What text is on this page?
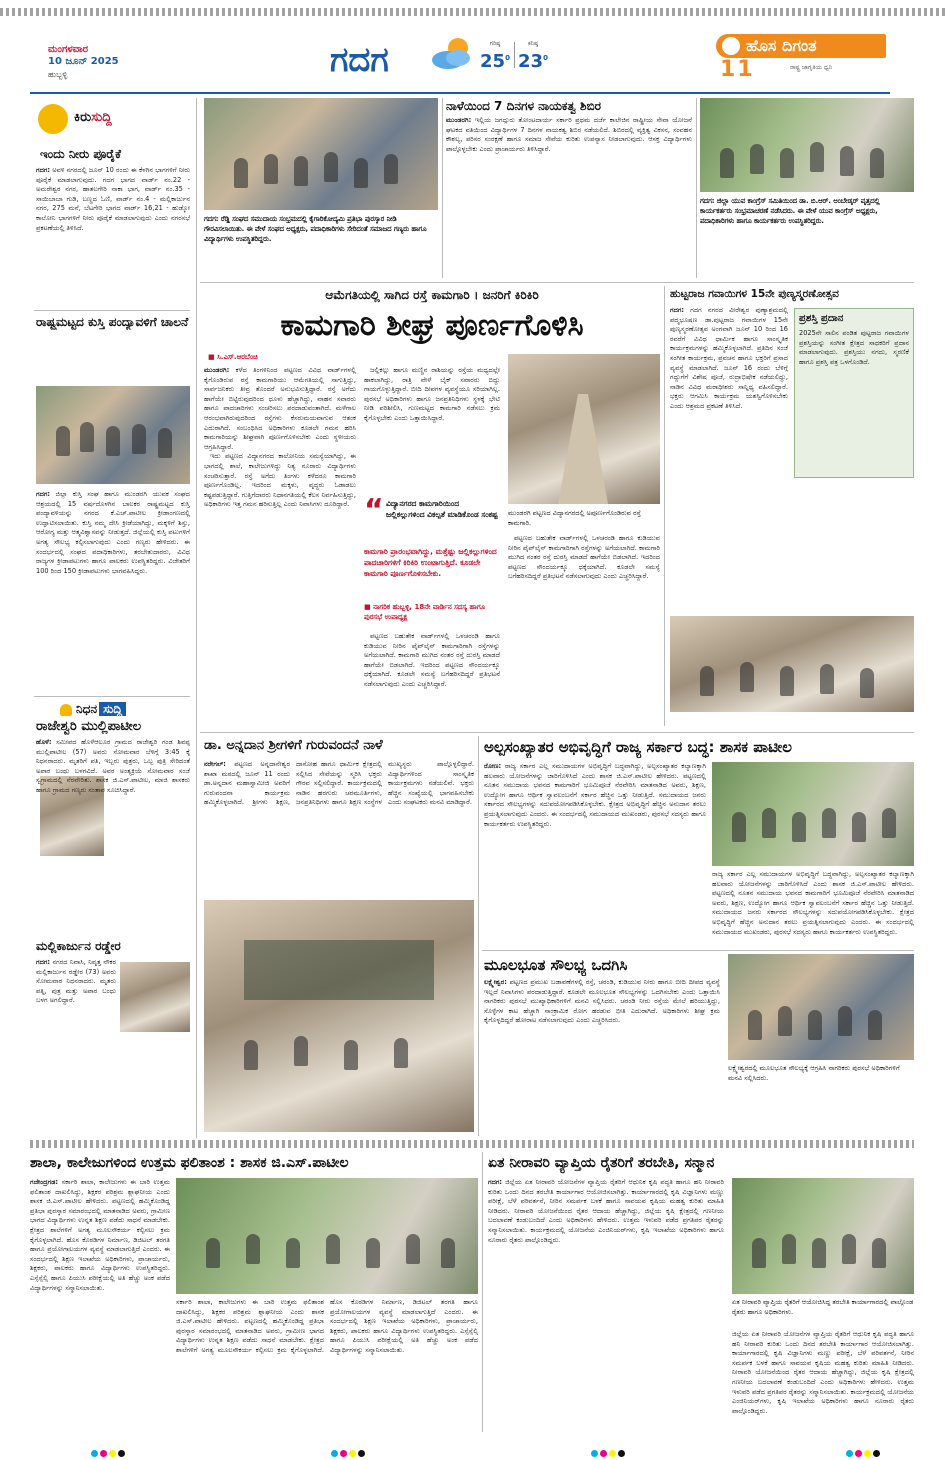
ಮಂಗಳವಾರ
10 ಜೂನ್ 2025
ಹುಬ್ಬಳ್ಳಿ	ಗದಗ	ಗರಿಷ್ಠ
$25^0$
ಕನಿಷ್ಠ
$23^0$
ಹೊಸ ದಿಗಂತ
11	ರಾಷ್ಟ್ರ ಜಾಗೃತಿಯ ಧ್ವನಿ
ಕಿರುಸುದ್ದಿ
ಇಂದು ನೀರು ಪೂರೈಕೆ
ಗದಗ: ಅವಳಿ ನಗರದಲ್ಲಿ ಜೂನ್ 10 ರಂದು ಈ ಕೆಳಗಿನ ಭಾಗಗಳಿಗೆ ನೀರು ಪೂರೈಕೆ ಮಾಡಲಾಗುವುದು. ಗದಗ ಭಾಗದ ವಾರ್ಡ್ ನಂ.22 - ಅಮರೇಶ್ವರ ನಗರ, ಹಾತಲಗೇರಿ ನಾಕಾ ಭಾಗ, ವಾರ್ಡ್ ನಂ.35 - ಸಾಯಿಬಾಬಾ ಗುಡಿ, ಬಣ್ಣದ ಓಣಿ, ವಾರ್ಡ್ ನಂ.4 - ಮಲ್ಲಿಕಾರ್ಜುನ ನಗರ, 275 ಮನೆ, ಬೆಟಗೇರಿ ಭಾಗದ ವಾರ್ಡ್ 16,21 - ಹುಡ್ಕೋ ಕಾಲೋನಿ ಭಾಗಗಳಿಗೆ ನೀರು ಪೂರೈಕೆ ಮಾಡಲಾಗುವುದು ಎಂದು ನಗರಸಭೆ ಪ್ರಕಟಣೆಯಲ್ಲಿ ತಿಳಿಸಿದೆ.
ರಾಷ್ಟ್ರಮಟ್ಟದ ಕುಸ್ತಿ ಪಂದ್ಯಾವಳಿಗೆ ಚಾಲನೆ
ಗದಗ: ಜಿಲ್ಲಾ ಕುಸ್ತಿ ಸಂಘ ಹಾಗೂ ಮುಂಡರಗಿ ಯುವಕ ಸಂಘದ ಆಶ್ರಯದಲ್ಲಿ 15 ವರ್ಷದೊಳಗಿನ ಬಾಲಕರ ರಾಷ್ಟ್ರಮಟ್ಟದ ಕುಸ್ತಿ ಪಂದ್ಯಾವಳಿಯನ್ನು ನಗರದ ಕೆ.ಎಚ್.ಪಾಟೀಲ ಕ್ರೀಡಾಂಗಣದಲ್ಲಿ ಉದ್ಘಾಟಿಸಲಾಯಿತು. ಕುಸ್ತಿ ನಮ್ಮ ದೇಸಿ ಕ್ರೀಡೆಯಾಗಿದ್ದು, ಮಕ್ಕಳಿಗೆ ಶಿಸ್ತು, ಆರೋಗ್ಯ ಮತ್ತು ಆತ್ಮವಿಶ್ವಾಸವನ್ನು ನೀಡುತ್ತದೆ. ಜಿಲ್ಲೆಯಲ್ಲಿ ಕುಸ್ತಿ ಪಟುಗಳಿಗೆ ಅಗತ್ಯ ಸೌಲಭ್ಯ ಕಲ್ಪಿಸಲಾಗುವುದು ಎಂದು ಗಣ್ಯರು ಹೇಳಿದರು. ಈ ಸಂದರ್ಭದಲ್ಲಿ ಸಂಘದ ಪದಾಧಿಕಾರಿಗಳು, ತರಬೇತುದಾರರು, ವಿವಿಧ ರಾಜ್ಯಗಳ ಕ್ರೀಡಾಪಟುಗಳು ಹಾಗೂ ಪಾಲಕರು ಉಪಸ್ಥಿತರಿದ್ದರು. ವಿಜೇತರಿಗೆ 100 ರಿಂದ 150 ಕ್ರೀಡಾಪಟುಗಳು ಭಾಗವಹಿಸಿದ್ದರು.
ನಿಧನ ಸುದ್ದಿ
ರಾಜೇಶ್ವರಿ ಮುಲ್ಲಿಪಾಟೀಲ
ಹೊಳೆ: ಸಮೀಪದ ಹೊಳೆಆಲೂರ ಗ್ರಾಮದ ರಾಜೇಶ್ವರಿ ಗಂಡ ಶಿವಪ್ಪ ಮುಲ್ಲಿಪಾಟೀಲ (57) ಅವರು ಸೋಮವಾರ ಬೆಳಿಗ್ಗೆ 3:45 ಕ್ಕೆ ನಿಧನರಾದರು. ಮೃತರಿಗೆ ಪತಿ, ಇಬ್ಬರು ಪುತ್ರರು, ಒಬ್ಬ ಪುತ್ರಿ ಸೇರಿದಂತೆ ಅಪಾರ ಬಂಧು ಬಳಗವಿದೆ. ಅವರ ಅಂತ್ಯಕ್ರಿಯೆ ಸೋಮವಾರ ಸಂಜೆ ಸ್ವಗ್ರಾಮದಲ್ಲಿ ನೆರವೇರಿತು. ಶಾಸಕ ಜಿ.ಎಸ್.ಪಾಟೀಲ, ಮಾಜಿ ಶಾಸಕರು ಹಾಗೂ ಗ್ರಾಮದ ಗಣ್ಯರು ಸಂತಾಪ ಸೂಚಿಸಿದ್ದಾರೆ.
ಮಲ್ಲಿಕಾರ್ಜುನ ರಡ್ಡೇರ
ಗದಗ: ನಗರದ ನಿವಾಸಿ, ನಿವೃತ್ತ ನೌಕರ ಮಲ್ಲಿಕಾರ್ಜುನ ರಡ್ಡೇರ (73) ಅವರು ಸೋಮವಾರ ನಿಧನರಾದರು. ಮೃತರು ಪತ್ನಿ, ಪುತ್ರ ಮತ್ತು ಅಪಾರ ಬಂಧು ಬಳಗ ಅಗಲಿದ್ದಾರೆ.
ಗದಗ: ರೆಡ್ಡಿ ಸಂಘದ ಸಮುದಾಯ ಸಂಭ್ರಮದಲ್ಲಿ ಕೈಗಾರಿಕೋದ್ಯಮಿ ಪ್ರತಿಭಾ ಪುರಸ್ಕಾರ ನೀಡಿ ಗೌರವಿಸಲಾಯಿತು. ಈ ವೇಳೆ ಸಂಘದ ಅಧ್ಯಕ್ಷರು, ಪದಾಧಿಕಾರಿಗಳು ಸೇರಿದಂತೆ ಸಮಾಜದ ಗಣ್ಯರು ಹಾಗೂ ವಿದ್ಯಾರ್ಥಿಗಳು ಉಪಸ್ಥಿತರಿದ್ದರು.
ನಾಳೆಯಿಂದ 7 ದಿನಗಳ ನಾಯಕತ್ವ ಶಿಬಿರ
ಮುಂಡರಗಿ: ಇಲ್ಲಿಯ ಜಗದ್ಗುರು ತೋಂಟದಾರ್ಯ ಸರ್ಕಾರಿ ಪ್ರಥಮ ದರ್ಜೆ ಕಾಲೇಜಿನ ರಾಷ್ಟ್ರೀಯ ಸೇವಾ ಯೋಜನೆ ಘಟಕದ ವತಿಯಿಂದ ವಿದ್ಯಾರ್ಥಿಗಳ 7 ದಿನಗಳ ನಾಯಕತ್ವ ಶಿಬಿರ ನಡೆಯಲಿದೆ. ಶಿಬಿರದಲ್ಲಿ ವ್ಯಕ್ತಿತ್ವ ವಿಕಸನ, ಸಂವಹನ ಕೌಶಲ್ಯ, ಪರಿಸರ ಸಂರಕ್ಷಣೆ ಹಾಗೂ ಸಮಾಜ ಸೇವೆಯ ಕುರಿತು ಉಪನ್ಯಾಸ ನೀಡಲಾಗುವುದು. ಆಸಕ್ತ ವಿದ್ಯಾರ್ಥಿಗಳು ಪಾಲ್ಗೊಳ್ಳಬೇಕು ಎಂದು ಪ್ರಾಚಾರ್ಯರು ತಿಳಿಸಿದ್ದಾರೆ.
ಗದಗ: ಜಿಲ್ಲಾ ಯುವ ಕಾಂಗ್ರೆಸ್ ಸಮಿತಿಯಿಂದ ಡಾ. ಬಿ.ಆರ್. ಅಂಬೇಡ್ಕರ್ ವೃತ್ತದಲ್ಲಿ ಕಾರ್ಯಕರ್ತರು ಸಂಭ್ರಮಾಚರಣೆ ನಡೆಸಿದರು. ಈ ವೇಳೆ ಯುವ ಕಾಂಗ್ರೆಸ್ ಅಧ್ಯಕ್ಷರು, ಪದಾಧಿಕಾರಿಗಳು ಹಾಗೂ ಕಾರ್ಯಕರ್ತರು ಉಪಸ್ಥಿತರಿದ್ದರು.
ಆಮೆಗತಿಯಲ್ಲಿ ಸಾಗಿದ ರಸ್ತೆ ಕಾಮಗಾರಿ । ಜನರಿಗೆ ಕಿರಿಕಿರಿ
ಕಾಮಗಾರಿ ಶೀಘ್ರ ಪೂರ್ಣಗೊಳಿಸಿ
■ ಸಿ.ಎಸ್.ಆರಬೆಂಚಿ
ಮುಂಡರಗಿ: ಕಳೆದ ತಿಂಗಳಿನಿಂದ ಪಟ್ಟಣದ ವಿವಿಧ ವಾರ್ಡ್‌ಗಳಲ್ಲಿ ಕೈಗೊಂಡಿರುವ ರಸ್ತೆ ಕಾಮಗಾರಿಯು ಆಮೆಗತಿಯಲ್ಲಿ ಸಾಗುತ್ತಿದ್ದು, ಸಾರ್ವಜನಿಕರು ತೀವ್ರ ತೊಂದರೆ ಅನುಭವಿಸುತ್ತಿದ್ದಾರೆ. ರಸ್ತೆ ಅಗೆದು ಹಾಗೆಯೇ ಬಿಟ್ಟಿರುವುದರಿಂದ ಧೂಳು ಹೆಚ್ಚಾಗಿದ್ದು, ವಾಹನ ಸವಾರರು ಹಾಗೂ ಪಾದಚಾರಿಗಳು ಸಂಚರಿಸಲು ಪರದಾಡುವಂತಾಗಿದೆ. ಮಳೆಗಾಲ ಆರಂಭವಾಗಿರುವುದರಿಂದ ರಸ್ತೆಗಳು ಕೆಸರುಮಯವಾಗುವ ಆತಂಕ ಎದುರಾಗಿದೆ. ಸಂಬಂಧಿಸಿದ ಅಧಿಕಾರಿಗಳು ಕೂಡಲೇ ಗಮನ ಹರಿಸಿ ಕಾಮಗಾರಿಯನ್ನು ಶೀಘ್ರವಾಗಿ ಪೂರ್ಣಗೊಳಿಸಬೇಕು ಎಂದು ಸ್ಥಳೀಯರು ಆಗ್ರಹಿಸಿದ್ದಾರೆ.

ಇದು ಪಟ್ಟಣದ ವಿದ್ಯಾನಗರದ ಕಾಲೋನಿಯ ಸಮಸ್ಯೆಯಾಗಿದ್ದು, ಈ ಭಾಗದಲ್ಲಿ ಶಾಲೆ, ಕಾಲೇಜುಗಳಿದ್ದು ನಿತ್ಯ ನೂರಾರು ವಿದ್ಯಾರ್ಥಿಗಳು ಸಂಚರಿಸುತ್ತಾರೆ. ರಸ್ತೆ ಅಗೆದು ತಿಂಗಳು ಕಳೆದರೂ ಕಾಮಗಾರಿ ಪೂರ್ಣಗೊಂಡಿಲ್ಲ. ಇದರಿಂದ ಮಕ್ಕಳು, ವೃದ್ಧರು ಓಡಾಡಲು ಕಷ್ಟಪಡುತ್ತಿದ್ದಾರೆ. ಗುತ್ತಿಗೆದಾರರು ನಿಧಾನಗತಿಯಲ್ಲಿ ಕೆಲಸ ನಿರ್ವಹಿಸುತ್ತಿದ್ದು, ಅಧಿಕಾರಿಗಳು ಇತ್ತ ಗಮನ ಹರಿಸುತ್ತಿಲ್ಲ ಎಂದು ನಿವಾಸಿಗಳು ದೂರಿದ್ದಾರೆ. “ ವಿದ್ಯಾನಗರದ ಕಾಮಗಾರಿಯಿಂದ ಜಲ್ಲಿಕಲ್ಲುಗಳಿಂದ ವಿಕಲ್ಪತೆ ಮಾಡಿಕೊಂಡ ಸಂಕಷ್ಟ
ಕಾಮಗಾರಿ ಪ್ರಾರಂಭವಾಗಿದ್ದು, ಮತ್ತೆಷ್ಟು ಜಲ್ಲಿಕಲ್ಲುಗಳಿಂದ ಪಾದಚಾರಿಗಳಿಗೆ ಕಿರಿಕಿರಿ ಉಂಟಾಗುತ್ತಿದೆ. ಕೂಡಲೇ ಕಾಮಗಾರಿ ಪೂರ್ಣಗೊಳಿಸಬೇಕು.
■ ನಾಗರಿಕ ಹುಬ್ಬಳ್ಳಿ, 18ನೇ ವಾರ್ಡಿನ ಸದಸ್ಯ ಹಾಗೂ ಪುರಸಭೆ ಉಪಾಧ್ಯಕ್ಷ

ಜಲ್ಲಿಕಲ್ಲು ಹಾಗೂ ಮಣ್ಣಿನ ರಾಶಿಯನ್ನು ರಸ್ತೆಯ ಮಧ್ಯದಲ್ಲೇ ಹಾಕಲಾಗಿದ್ದು, ರಾತ್ರಿ ವೇಳೆ ಬೈಕ್ ಸವಾರರು ಬಿದ್ದು ಗಾಯಗೊಳ್ಳುತ್ತಿದ್ದಾರೆ. ಬೀದಿ ದೀಪಗಳ ವ್ಯವಸ್ಥೆಯೂ ಸರಿಯಾಗಿಲ್ಲ. ಪುರಸಭೆ ಅಧಿಕಾರಿಗಳು ಹಾಗೂ ಜನಪ್ರತಿನಿಧಿಗಳು ಸ್ಥಳಕ್ಕೆ ಭೇಟಿ ನೀಡಿ ಪರಿಶೀಲಿಸಿ, ಗುಣಮಟ್ಟದ ಕಾಮಗಾರಿ ನಡೆಸಲು ಕ್ರಮ ಕೈಗೊಳ್ಳಬೇಕು ಎಂದು ಒತ್ತಾಯಿಸಿದ್ದಾರೆ.

ಪಟ್ಟಣದ ಬಹುತೇಕ ವಾರ್ಡ್‌ಗಳಲ್ಲಿ ಒಳಚರಂಡಿ ಹಾಗೂ ಕುಡಿಯುವ ನೀರಿನ ಪೈಪ್‌ಲೈನ್ ಕಾಮಗಾರಿಗಾಗಿ ರಸ್ತೆಗಳನ್ನು ಅಗೆಯಲಾಗಿದೆ. ಕಾಮಗಾರಿ ಮುಗಿದ ನಂತರ ರಸ್ತೆ ದುರಸ್ತಿ ಮಾಡದೆ ಹಾಗೆಯೇ ಬಿಡಲಾಗಿದೆ. ಇದರಿಂದ ಪಟ್ಟಣದ ಸೌಂದರ್ಯಕ್ಕೂ ಧಕ್ಕೆಯಾಗಿದೆ. ಕೂಡಲೇ ಸಮಸ್ಯೆ ಬಗೆಹರಿಸದಿದ್ದರೆ ಪ್ರತಿಭಟನೆ ನಡೆಸಲಾಗುವುದು ಎಂದು ಎಚ್ಚರಿಸಿದ್ದಾರೆ.

ಮುಂಡರಗಿ ಪಟ್ಟಣದ ವಿದ್ಯಾನಗರದಲ್ಲಿ ಅಪೂರ್ಣಗೊಂಡಿರುವ ರಸ್ತೆ ಕಾಮಗಾರಿ.

ಪಟ್ಟಣದ ಬಹುತೇಕ ವಾರ್ಡ್‌ಗಳಲ್ಲಿ ಒಳಚರಂಡಿ ಹಾಗೂ ಕುಡಿಯುವ ನೀರಿನ ಪೈಪ್‌ಲೈನ್ ಕಾಮಗಾರಿಗಾಗಿ ರಸ್ತೆಗಳನ್ನು ಅಗೆಯಲಾಗಿದೆ. ಕಾಮಗಾರಿ ಮುಗಿದ ನಂತರ ರಸ್ತೆ ದುರಸ್ತಿ ಮಾಡದೆ ಹಾಗೆಯೇ ಬಿಡಲಾಗಿದೆ. ಇದರಿಂದ ಪಟ್ಟಣದ ಸೌಂದರ್ಯಕ್ಕೂ ಧಕ್ಕೆಯಾಗಿದೆ. ಕೂಡಲೇ ಸಮಸ್ಯೆ ಬಗೆಹರಿಸದಿದ್ದರೆ ಪ್ರತಿಭಟನೆ ನಡೆಸಲಾಗುವುದು ಎಂದು ಎಚ್ಚರಿಸಿದ್ದಾರೆ.

ಹುಟ್ಟರಾಜ ಗವಾಯಿಗಳ 15ನೇ ಪುಣ್ಯಸ್ಮರಣೋತ್ಸವ
ಗದಗ: ಗದಗ ನಗರದ ವೀರೇಶ್ವರ ಪುಣ್ಯಾಶ್ರಮದಲ್ಲಿ ಪದ್ಮಭೂಷಣ ಡಾ.ಪುಟ್ಟರಾಜ ಗವಾಯಿಗಳ 15ನೇ ಪುಣ್ಯಸ್ಮರಣೋತ್ಸವ ಅಂಗವಾಗಿ ಜೂನ್ 10 ರಿಂದ 16 ರವರೆಗೆ ವಿವಿಧ ಧಾರ್ಮಿಕ ಹಾಗೂ ಸಾಂಸ್ಕೃತಿಕ ಕಾರ್ಯಕ್ರಮಗಳನ್ನು ಹಮ್ಮಿಕೊಳ್ಳಲಾಗಿದೆ. ಪ್ರತಿದಿನ ಸಂಜೆ ಸಂಗೀತ ಕಾರ್ಯಕ್ರಮ, ಪ್ರವಚನ ಹಾಗೂ ಭಕ್ತರಿಗೆ ಪ್ರಸಾದ ವ್ಯವಸ್ಥೆ ಮಾಡಲಾಗಿದೆ. ಜೂನ್ 16 ರಂದು ಬೆಳಿಗ್ಗೆ ಗದ್ದುಗೆಗೆ ವಿಶೇಷ ಪೂಜೆ, ರುದ್ರಾಭಿಷೇಕ ನಡೆಯಲಿದ್ದು, ನಾಡಿನ ವಿವಿಧ ಮಠಾಧೀಶರು ಸಾನ್ನಿಧ್ಯ ವಹಿಸಲಿದ್ದಾರೆ. ಭಕ್ತರು ಆಗಮಿಸಿ ಕಾರ್ಯಕ್ರಮ ಯಶಸ್ವಿಗೊಳಿಸಬೇಕು ಎಂದು ಆಶ್ರಮದ ಪ್ರಕಟಣೆ ತಿಳಿಸಿದೆ.
ಪ್ರಶಸ್ತಿ ಪ್ರದಾನ
2025ನೇ ಸಾಲಿನ ಪಂಡಿತ ಪುಟ್ಟರಾಜ ಗವಾಯಿಗಳ ಪ್ರಶಸ್ತಿಯನ್ನು ಸಂಗೀತ ಕ್ಷೇತ್ರದ ಸಾಧಕರಿಗೆ ಪ್ರದಾನ ಮಾಡಲಾಗುವುದು. ಪ್ರಶಸ್ತಿಯು ನಗದು, ಸ್ಮರಣಿಕೆ ಹಾಗೂ ಪ್ರಶಸ್ತಿ ಪತ್ರ ಒಳಗೊಂಡಿದೆ.
ಡಾ. ಅನ್ನದಾನ ಶ್ರೀಗಳಿಗೆ ಗುರುವಂದನೆ ನಾಳೆ
ನರೇಗಲ್: ಪಟ್ಟಣದ ಅನ್ನದಾನೇಶ್ವರ ಶಾಖಾ ಮಠದಲ್ಲಿ ಜೂನ್ 11 ರಂದು ಡಾ.ಅನ್ನದಾನ ಮಹಾಸ್ವಾಮೀಜಿ ಅವರಿಗೆ ಗುರುವಂದನಾ ಕಾರ್ಯಕ್ರಮ ಹಮ್ಮಿಕೊಳ್ಳಲಾಗಿದೆ. ಶ್ರೀಗಳು ಶಿಕ್ಷಣ, ದಾಸೋಹ ಹಾಗೂ ಧಾರ್ಮಿಕ ಕ್ಷೇತ್ರದಲ್ಲಿ ಸಲ್ಲಿಸಿದ ಸೇವೆಯನ್ನು ಸ್ಮರಿಸಿ ಭಕ್ತರು ಗೌರವ ಸಲ್ಲಿಸಲಿದ್ದಾರೆ. ಕಾರ್ಯಕ್ರಮದಲ್ಲಿ ನಾಡಿನ ಹರಗುರು ಚರಮೂರ್ತಿಗಳು, ಜನಪ್ರತಿನಿಧಿಗಳು ಹಾಗೂ ಶಿಕ್ಷಣ ಸಂಸ್ಥೆಗಳ ಮುಖ್ಯಸ್ಥರು ಪಾಲ್ಗೊಳ್ಳಲಿದ್ದಾರೆ. ವಿದ್ಯಾರ್ಥಿಗಳಿಂದ ಸಾಂಸ್ಕೃತಿಕ ಕಾರ್ಯಕ್ರಮಗಳು ನಡೆಯಲಿವೆ. ಭಕ್ತರು ಹೆಚ್ಚಿನ ಸಂಖ್ಯೆಯಲ್ಲಿ ಭಾಗವಹಿಸಬೇಕು ಎಂದು ಸಂಘಟಕರು ಮನವಿ ಮಾಡಿದ್ದಾರೆ.
ಅಲ್ಪಸಂಖ್ಯಾತರ ಅಭಿವೃದ್ಧಿಗೆ ರಾಜ್ಯ ಸರ್ಕಾರ ಬದ್ಧ: ಶಾಸಕ ಪಾಟೀಲ
ರೋಣ: ರಾಜ್ಯ ಸರ್ಕಾರ ಎಲ್ಲ ಸಮುದಾಯಗಳ ಅಭಿವೃದ್ಧಿಗೆ ಬದ್ಧವಾಗಿದ್ದು, ಅಲ್ಪಸಂಖ್ಯಾತರ ಕಲ್ಯಾಣಕ್ಕಾಗಿ ಹಲವಾರು ಯೋಜನೆಗಳನ್ನು ಜಾರಿಗೊಳಿಸಿದೆ ಎಂದು ಶಾಸಕ ಜಿ.ಎಸ್.ಪಾಟೀಲ ಹೇಳಿದರು. ಪಟ್ಟಣದಲ್ಲಿ ನೂತನ ಸಮುದಾಯ ಭವನದ ಕಾಮಗಾರಿಗೆ ಭೂಮಿಪೂಜೆ ನೆರವೇರಿಸಿ ಮಾತನಾಡಿದ ಅವರು, ಶಿಕ್ಷಣ, ಉದ್ಯೋಗ ಹಾಗೂ ಆರ್ಥಿಕ ಸ್ವಾವಲಂಬನೆಗೆ ಸರ್ಕಾರ ಹೆಚ್ಚಿನ ಒತ್ತು ನೀಡುತ್ತಿದೆ. ಸಮುದಾಯದ ಜನರು ಸರ್ಕಾರದ ಸೌಲಭ್ಯಗಳನ್ನು ಸದುಪಯೋಗಪಡಿಸಿಕೊಳ್ಳಬೇಕು. ಕ್ಷೇತ್ರದ ಅಭಿವೃದ್ಧಿಗೆ ಹೆಚ್ಚಿನ ಅನುದಾನ ತರಲು ಪ್ರಯತ್ನಿಸಲಾಗುವುದು ಎಂದರು. ಈ ಸಂದರ್ಭದಲ್ಲಿ ಸಮುದಾಯದ ಮುಖಂಡರು, ಪುರಸಭೆ ಸದಸ್ಯರು ಹಾಗೂ ಕಾರ್ಯಕರ್ತರು ಉಪಸ್ಥಿತರಿದ್ದರು.
ರಾಜ್ಯ ಸರ್ಕಾರ ಎಲ್ಲ ಸಮುದಾಯಗಳ ಅಭಿವೃದ್ಧಿಗೆ ಬದ್ಧವಾಗಿದ್ದು, ಅಲ್ಪಸಂಖ್ಯಾತರ ಕಲ್ಯಾಣಕ್ಕಾಗಿ ಹಲವಾರು ಯೋಜನೆಗಳನ್ನು ಜಾರಿಗೊಳಿಸಿದೆ ಎಂದು ಶಾಸಕ ಜಿ.ಎಸ್.ಪಾಟೀಲ ಹೇಳಿದರು. ಪಟ್ಟಣದಲ್ಲಿ ನೂತನ ಸಮುದಾಯ ಭವನದ ಕಾಮಗಾರಿಗೆ ಭೂಮಿಪೂಜೆ ನೆರವೇರಿಸಿ ಮಾತನಾಡಿದ ಅವರು, ಶಿಕ್ಷಣ, ಉದ್ಯೋಗ ಹಾಗೂ ಆರ್ಥಿಕ ಸ್ವಾವಲಂಬನೆಗೆ ಸರ್ಕಾರ ಹೆಚ್ಚಿನ ಒತ್ತು ನೀಡುತ್ತಿದೆ. ಸಮುದಾಯದ ಜನರು ಸರ್ಕಾರದ ಸೌಲಭ್ಯಗಳನ್ನು ಸದುಪಯೋಗಪಡಿಸಿಕೊಳ್ಳಬೇಕು. ಕ್ಷೇತ್ರದ ಅಭಿವೃದ್ಧಿಗೆ ಹೆಚ್ಚಿನ ಅನುದಾನ ತರಲು ಪ್ರಯತ್ನಿಸಲಾಗುವುದು ಎಂದರು. ಈ ಸಂದರ್ಭದಲ್ಲಿ ಸಮುದಾಯದ ಮುಖಂಡರು, ಪುರಸಭೆ ಸದಸ್ಯರು ಹಾಗೂ ಕಾರ್ಯಕರ್ತರು ಉಪಸ್ಥಿತರಿದ್ದರು.
ಮೂಲಭೂತ ಸೌಲಭ್ಯ ಒದಗಿಸಿ
ಲಕ್ಷ್ಮೇಶ್ವರ: ಪಟ್ಟಣದ ಪ್ರಮುಖ ಬಡಾವಣೆಗಳಲ್ಲಿ ರಸ್ತೆ, ಚರಂಡಿ, ಕುಡಿಯುವ ನೀರು ಹಾಗೂ ಬೀದಿ ದೀಪದ ವ್ಯವಸ್ಥೆ ಇಲ್ಲದೆ ನಿವಾಸಿಗಳು ಪರದಾಡುತ್ತಿದ್ದಾರೆ. ಕೂಡಲೇ ಮೂಲಭೂತ ಸೌಲಭ್ಯಗಳನ್ನು ಒದಗಿಸಬೇಕು ಎಂದು ಒತ್ತಾಯಿಸಿ ನಾಗರಿಕರು ಪುರಸಭೆ ಮುಖ್ಯಾಧಿಕಾರಿಗಳಿಗೆ ಮನವಿ ಸಲ್ಲಿಸಿದರು. ಚರಂಡಿ ನೀರು ರಸ್ತೆಯ ಮೇಲೆ ಹರಿಯುತ್ತಿದ್ದು, ಸೊಳ್ಳೆಗಳ ಕಾಟ ಹೆಚ್ಚಾಗಿ ಸಾಂಕ್ರಾಮಿಕ ರೋಗ ಹರಡುವ ಭೀತಿ ಎದುರಾಗಿದೆ. ಅಧಿಕಾರಿಗಳು ಶೀಘ್ರ ಕ್ರಮ ಕೈಗೊಳ್ಳದಿದ್ದರೆ ಹೋರಾಟ ನಡೆಸಲಾಗುವುದು ಎಂದು ಎಚ್ಚರಿಸಿದರು.
ಲಕ್ಷ್ಮೇಶ್ವರದಲ್ಲಿ ಮೂಲಭೂತ ಸೌಲಭ್ಯಕ್ಕೆ ಆಗ್ರಹಿಸಿ ನಾಗರಿಕರು ಪುರಸಭೆ ಅಧಿಕಾರಿಗಳಿಗೆ ಮನವಿ ಸಲ್ಲಿಸಿದರು.
ಶಾಲಾ, ಕಾಲೇಜುಗಳಿಂದ ಉತ್ತಮ ಫಲಿತಾಂಶ : ಶಾಸಕ ಜಿ.ಎಸ್.ಪಾಟೀಲ
ಗಜೇಂದ್ರಗಡ: ಸರ್ಕಾರಿ ಶಾಲಾ, ಕಾಲೇಜುಗಳು ಈ ಬಾರಿ ಉತ್ತಮ ಫಲಿತಾಂಶ ದಾಖಲಿಸಿದ್ದು, ಶಿಕ್ಷಕರ ಪರಿಶ್ರಮ ಶ್ಲಾಘನೀಯ ಎಂದು ಶಾಸಕ ಜಿ.ಎಸ್.ಪಾಟೀಲ ಹೇಳಿದರು. ಪಟ್ಟಣದಲ್ಲಿ ಹಮ್ಮಿಕೊಂಡಿದ್ದ ಪ್ರತಿಭಾ ಪುರಸ್ಕಾರ ಸಮಾರಂಭದಲ್ಲಿ ಮಾತನಾಡಿದ ಅವರು, ಗ್ರಾಮೀಣ ಭಾಗದ ವಿದ್ಯಾರ್ಥಿಗಳು ಉನ್ನತ ಶಿಕ್ಷಣ ಪಡೆದು ಸಾಧನೆ ಮಾಡಬೇಕು. ಕ್ಷೇತ್ರದ ಶಾಲೆಗಳಿಗೆ ಅಗತ್ಯ ಮೂಲಸೌಕರ್ಯ ಕಲ್ಪಿಸಲು ಕ್ರಮ ಕೈಗೊಳ್ಳಲಾಗಿದೆ. ಹೊಸ ಕೊಠಡಿಗಳ ನಿರ್ಮಾಣ, ಡಿಜಿಟಲ್ ತರಗತಿ ಹಾಗೂ ಪ್ರಯೋಗಾಲಯಗಳ ವ್ಯವಸ್ಥೆ ಮಾಡಲಾಗುತ್ತಿದೆ ಎಂದರು. ಈ ಸಂದರ್ಭದಲ್ಲಿ ಶಿಕ್ಷಣ ಇಲಾಖೆಯ ಅಧಿಕಾರಿಗಳು, ಪ್ರಾಚಾರ್ಯರು, ಶಿಕ್ಷಕರು, ಪಾಲಕರು ಹಾಗೂ ವಿದ್ಯಾರ್ಥಿಗಳು ಉಪಸ್ಥಿತರಿದ್ದರು. ಎಸ್ಸೆಸ್ಸೆಲ್ಸಿ ಹಾಗೂ ಪಿಯುಸಿ ಪರೀಕ್ಷೆಯಲ್ಲಿ ಅತಿ ಹೆಚ್ಚು ಅಂಕ ಪಡೆದ ವಿದ್ಯಾರ್ಥಿಗಳನ್ನು ಸನ್ಮಾನಿಸಲಾಯಿತು.
ಸರ್ಕಾರಿ ಶಾಲಾ, ಕಾಲೇಜುಗಳು ಈ ಬಾರಿ ಉತ್ತಮ ಫಲಿತಾಂಶ ದಾಖಲಿಸಿದ್ದು, ಶಿಕ್ಷಕರ ಪರಿಶ್ರಮ ಶ್ಲಾಘನೀಯ ಎಂದು ಶಾಸಕ ಜಿ.ಎಸ್.ಪಾಟೀಲ ಹೇಳಿದರು. ಪಟ್ಟಣದಲ್ಲಿ ಹಮ್ಮಿಕೊಂಡಿದ್ದ ಪ್ರತಿಭಾ ಪುರಸ್ಕಾರ ಸಮಾರಂಭದಲ್ಲಿ ಮಾತನಾಡಿದ ಅವರು, ಗ್ರಾಮೀಣ ಭಾಗದ ವಿದ್ಯಾರ್ಥಿಗಳು ಉನ್ನತ ಶಿಕ್ಷಣ ಪಡೆದು ಸಾಧನೆ ಮಾಡಬೇಕು. ಕ್ಷೇತ್ರದ ಶಾಲೆಗಳಿಗೆ ಅಗತ್ಯ ಮೂಲಸೌಕರ್ಯ ಕಲ್ಪಿಸಲು ಕ್ರಮ ಕೈಗೊಳ್ಳಲಾಗಿದೆ. ಹೊಸ ಕೊಠಡಿಗಳ ನಿರ್ಮಾಣ, ಡಿಜಿಟಲ್ ತರಗತಿ ಹಾಗೂ ಪ್ರಯೋಗಾಲಯಗಳ ವ್ಯವಸ್ಥೆ ಮಾಡಲಾಗುತ್ತಿದೆ ಎಂದರು. ಈ ಸಂದರ್ಭದಲ್ಲಿ ಶಿಕ್ಷಣ ಇಲಾಖೆಯ ಅಧಿಕಾರಿಗಳು, ಪ್ರಾಚಾರ್ಯರು, ಶಿಕ್ಷಕರು, ಪಾಲಕರು ಹಾಗೂ ವಿದ್ಯಾರ್ಥಿಗಳು ಉಪಸ್ಥಿತರಿದ್ದರು. ಎಸ್ಸೆಸ್ಸೆಲ್ಸಿ ಹಾಗೂ ಪಿಯುಸಿ ಪರೀಕ್ಷೆಯಲ್ಲಿ ಅತಿ ಹೆಚ್ಚು ಅಂಕ ಪಡೆದ ವಿದ್ಯಾರ್ಥಿಗಳನ್ನು ಸನ್ಮಾನಿಸಲಾಯಿತು.
ಏತ ನೀರಾವರಿ ವ್ಯಾಪ್ತಿಯ ರೈತರಿಗೆ ತರಬೇತಿ, ಸನ್ಮಾನ
ಗದಗ: ಜಿಲ್ಲೆಯ ಏತ ನೀರಾವರಿ ಯೋಜನೆಗಳ ವ್ಯಾಪ್ತಿಯ ರೈತರಿಗೆ ಆಧುನಿಕ ಕೃಷಿ ಪದ್ಧತಿ ಹಾಗೂ ಹನಿ ನೀರಾವರಿ ಕುರಿತು ಒಂದು ದಿನದ ತರಬೇತಿ ಕಾರ್ಯಾಗಾರ ಆಯೋಜಿಸಲಾಗಿತ್ತು. ಕಾರ್ಯಾಗಾರದಲ್ಲಿ ಕೃಷಿ ವಿಜ್ಞಾನಿಗಳು ಮಣ್ಣು ಪರೀಕ್ಷೆ, ಬೆಳೆ ಪರಿವರ್ತನೆ, ನೀರಿನ ಸಮರ್ಪಕ ಬಳಕೆ ಹಾಗೂ ಸಾವಯವ ಕೃಷಿಯ ಮಹತ್ವ ಕುರಿತು ಮಾಹಿತಿ ನೀಡಿದರು. ನೀರಾವರಿ ಯೋಜನೆಯಿಂದ ರೈತರ ಆದಾಯ ಹೆಚ್ಚಾಗಿದ್ದು, ಜಿಲ್ಲೆಯ ಕೃಷಿ ಕ್ಷೇತ್ರದಲ್ಲಿ ಗಣನೀಯ ಬದಲಾವಣೆ ಕಂಡುಬಂದಿದೆ ಎಂದು ಅಧಿಕಾರಿಗಳು ಹೇಳಿದರು. ಉತ್ತಮ ಇಳುವರಿ ಪಡೆದ ಪ್ರಗತಿಪರ ರೈತರನ್ನು ಸನ್ಮಾನಿಸಲಾಯಿತು. ಕಾರ್ಯಕ್ರಮದಲ್ಲಿ ಯೋಜನೆಯ ಎಂಜಿನಿಯರ್‌ಗಳು, ಕೃಷಿ ಇಲಾಖೆಯ ಅಧಿಕಾರಿಗಳು ಹಾಗೂ ನೂರಾರು ರೈತರು ಪಾಲ್ಗೊಂಡಿದ್ದರು.
ಏತ ನೀರಾವರಿ ವ್ಯಾಪ್ತಿಯ ರೈತರಿಗೆ ಆಯೋಜಿಸಿದ್ದ ತರಬೇತಿ ಕಾರ್ಯಾಗಾರದಲ್ಲಿ ಪಾಲ್ಗೊಂಡ ರೈತರು ಹಾಗೂ ಅಧಿಕಾರಿಗಳು.
ಜಿಲ್ಲೆಯ ಏತ ನೀರಾವರಿ ಯೋಜನೆಗಳ ವ್ಯಾಪ್ತಿಯ ರೈತರಿಗೆ ಆಧುನಿಕ ಕೃಷಿ ಪದ್ಧತಿ ಹಾಗೂ ಹನಿ ನೀರಾವರಿ ಕುರಿತು ಒಂದು ದಿನದ ತರಬೇತಿ ಕಾರ್ಯಾಗಾರ ಆಯೋಜಿಸಲಾಗಿತ್ತು. ಕಾರ್ಯಾಗಾರದಲ್ಲಿ ಕೃಷಿ ವಿಜ್ಞಾನಿಗಳು ಮಣ್ಣು ಪರೀಕ್ಷೆ, ಬೆಳೆ ಪರಿವರ್ತನೆ, ನೀರಿನ ಸಮರ್ಪಕ ಬಳಕೆ ಹಾಗೂ ಸಾವಯವ ಕೃಷಿಯ ಮಹತ್ವ ಕುರಿತು ಮಾಹಿತಿ ನೀಡಿದರು. ನೀರಾವರಿ ಯೋಜನೆಯಿಂದ ರೈತರ ಆದಾಯ ಹೆಚ್ಚಾಗಿದ್ದು, ಜಿಲ್ಲೆಯ ಕೃಷಿ ಕ್ಷೇತ್ರದಲ್ಲಿ ಗಣನೀಯ ಬದಲಾವಣೆ ಕಂಡುಬಂದಿದೆ ಎಂದು ಅಧಿಕಾರಿಗಳು ಹೇಳಿದರು. ಉತ್ತಮ ಇಳುವರಿ ಪಡೆದ ಪ್ರಗತಿಪರ ರೈತರನ್ನು ಸನ್ಮಾನಿಸಲಾಯಿತು. ಕಾರ್ಯಕ್ರಮದಲ್ಲಿ ಯೋಜನೆಯ ಎಂಜಿನಿಯರ್‌ಗಳು, ಕೃಷಿ ಇಲಾಖೆಯ ಅಧಿಕಾರಿಗಳು ಹಾಗೂ ನೂರಾರು ರೈತರು ಪಾಲ್ಗೊಂಡಿದ್ದರು.
